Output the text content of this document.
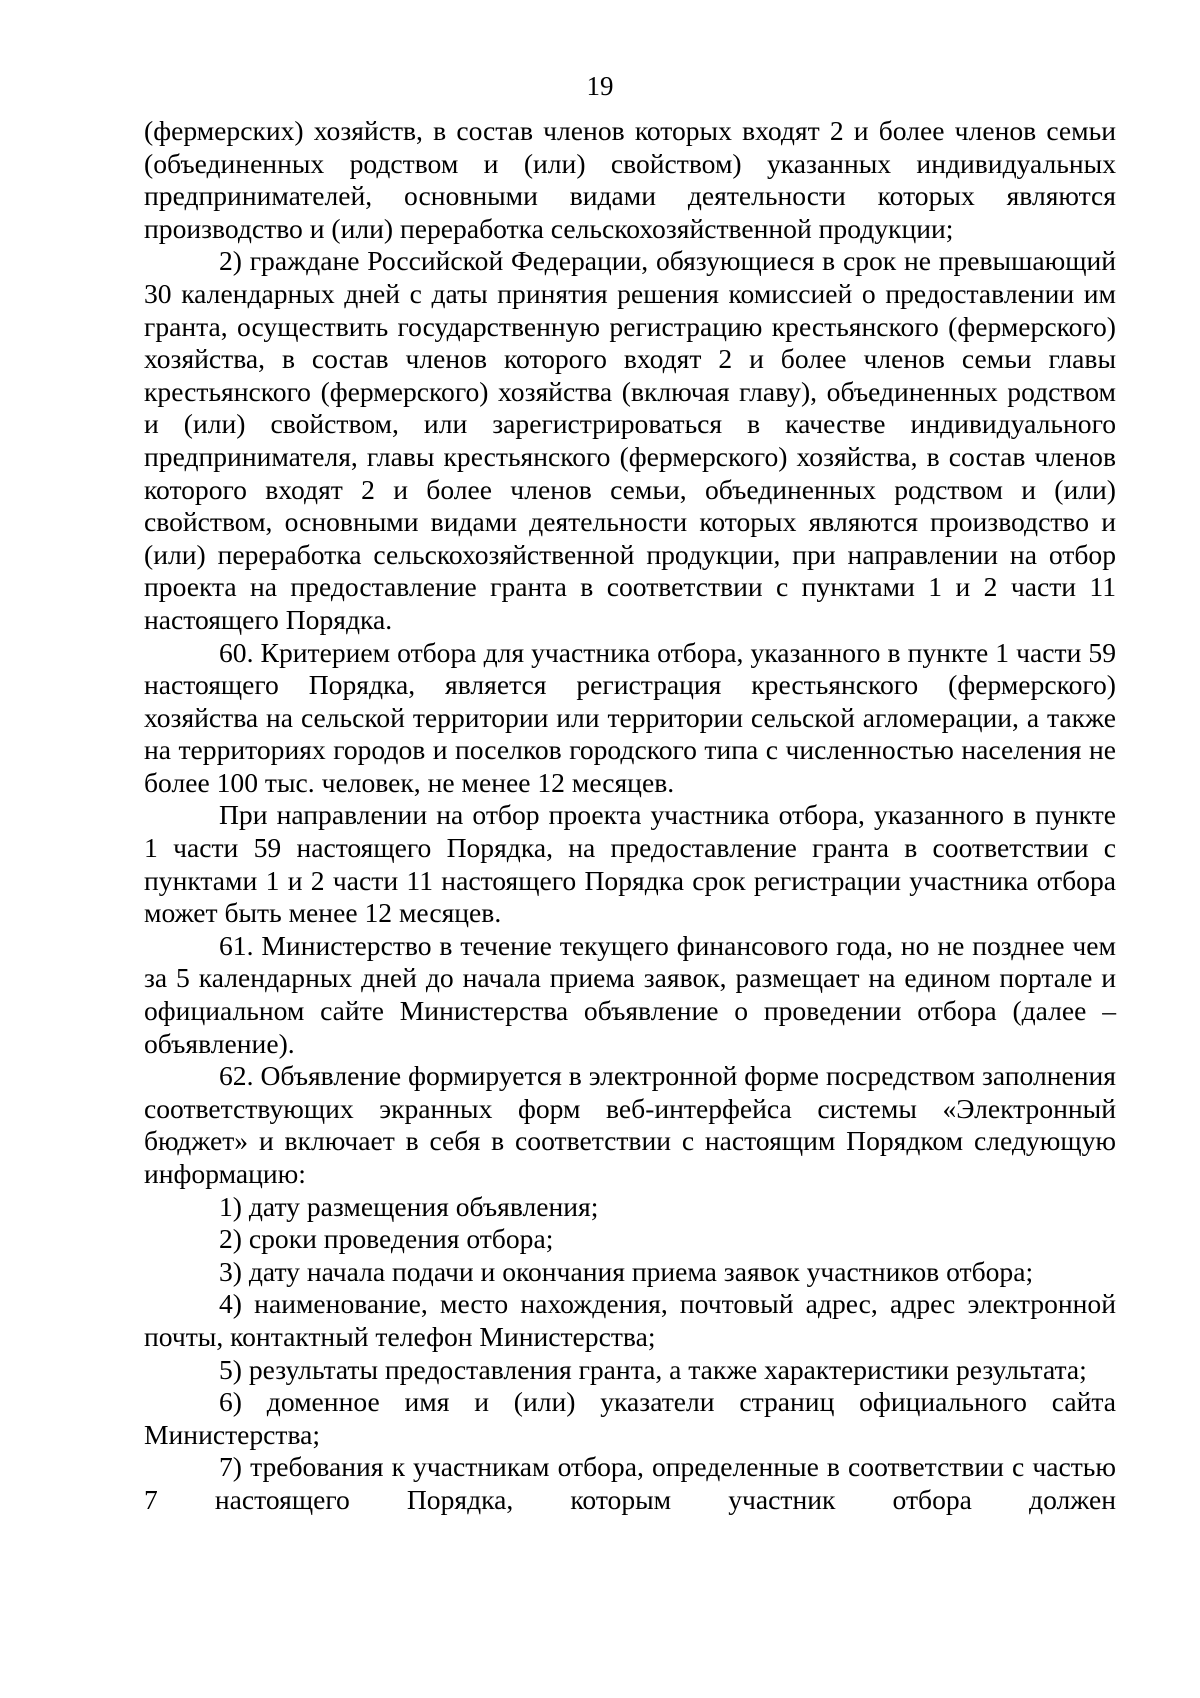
19

(фермерских) хозяйств, в состав членов которых входят 2 и более членов семьи (объединенных родством и (или) свойством) указанных индивидуальных предпринимателей, основными видами деятельности которых являются производство и (или) переработка сельскохозяйственной продукции;

2) граждане Российской Федерации, обязующиеся в срок не превышающий 30 календарных дней с даты принятия решения комиссией о предоставлении им гранта, осуществить государственную регистрацию крестьянского (фермерского) хозяйства, в состав членов которого входят 2 и более членов семьи главы крестьянского (фермерского) хозяйства (включая главу), объединенных родством и (или) свойством, или зарегистрироваться в качестве индивидуального предпринимателя, главы крестьянского (фермерского) хозяйства, в состав членов которого входят 2 и более членов семьи, объединенных родством и (или) свойством, основными видами деятельности которых являются производство и (или) переработка сельскохозяйственной продукции, при направлении на отбор проекта на предоставление гранта в соответствии с пунктами 1 и 2 части 11 настоящего Порядка.

60. Критерием отбора для участника отбора, указанного в пункте 1 части 59 настоящего Порядка, является регистрация крестьянского (фермерского) хозяйства на сельской территории или территории сельской агломерации, а также на территориях городов и поселков городского типа с численностью населения не более 100 тыс. человек, не менее 12 месяцев.

При направлении на отбор проекта участника отбора, указанного в пункте 1 части 59 настоящего Порядка, на предоставление гранта в соответствии с пунктами 1 и 2 части 11 настоящего Порядка срок регистрации участника отбора может быть менее 12 месяцев.

61. Министерство в течение текущего финансового года, но не позднее чем за 5 календарных дней до начала приема заявок, размещает на едином портале и официальном сайте Министерства объявление о проведении отбора (далее – объявление).

62. Объявление формируется в электронной форме посредством заполнения соответствующих экранных форм веб-интерфейса системы «Электронный бюджет» и включает в себя в соответствии с настоящим Порядком следующую информацию:

1) дату размещения объявления;

2) сроки проведения отбора;

3) дату начала подачи и окончания приема заявок участников отбора;

4) наименование, место нахождения, почтовый адрес, адрес электронной почты, контактный телефон Министерства;

5) результаты предоставления гранта, а также характеристики результата;

6) доменное имя и (или) указатели страниц официального сайта Министерства;

7) требования к участникам отбора, определенные в соответствии с частью 7 настоящего Порядка, которым участник отбора должен
